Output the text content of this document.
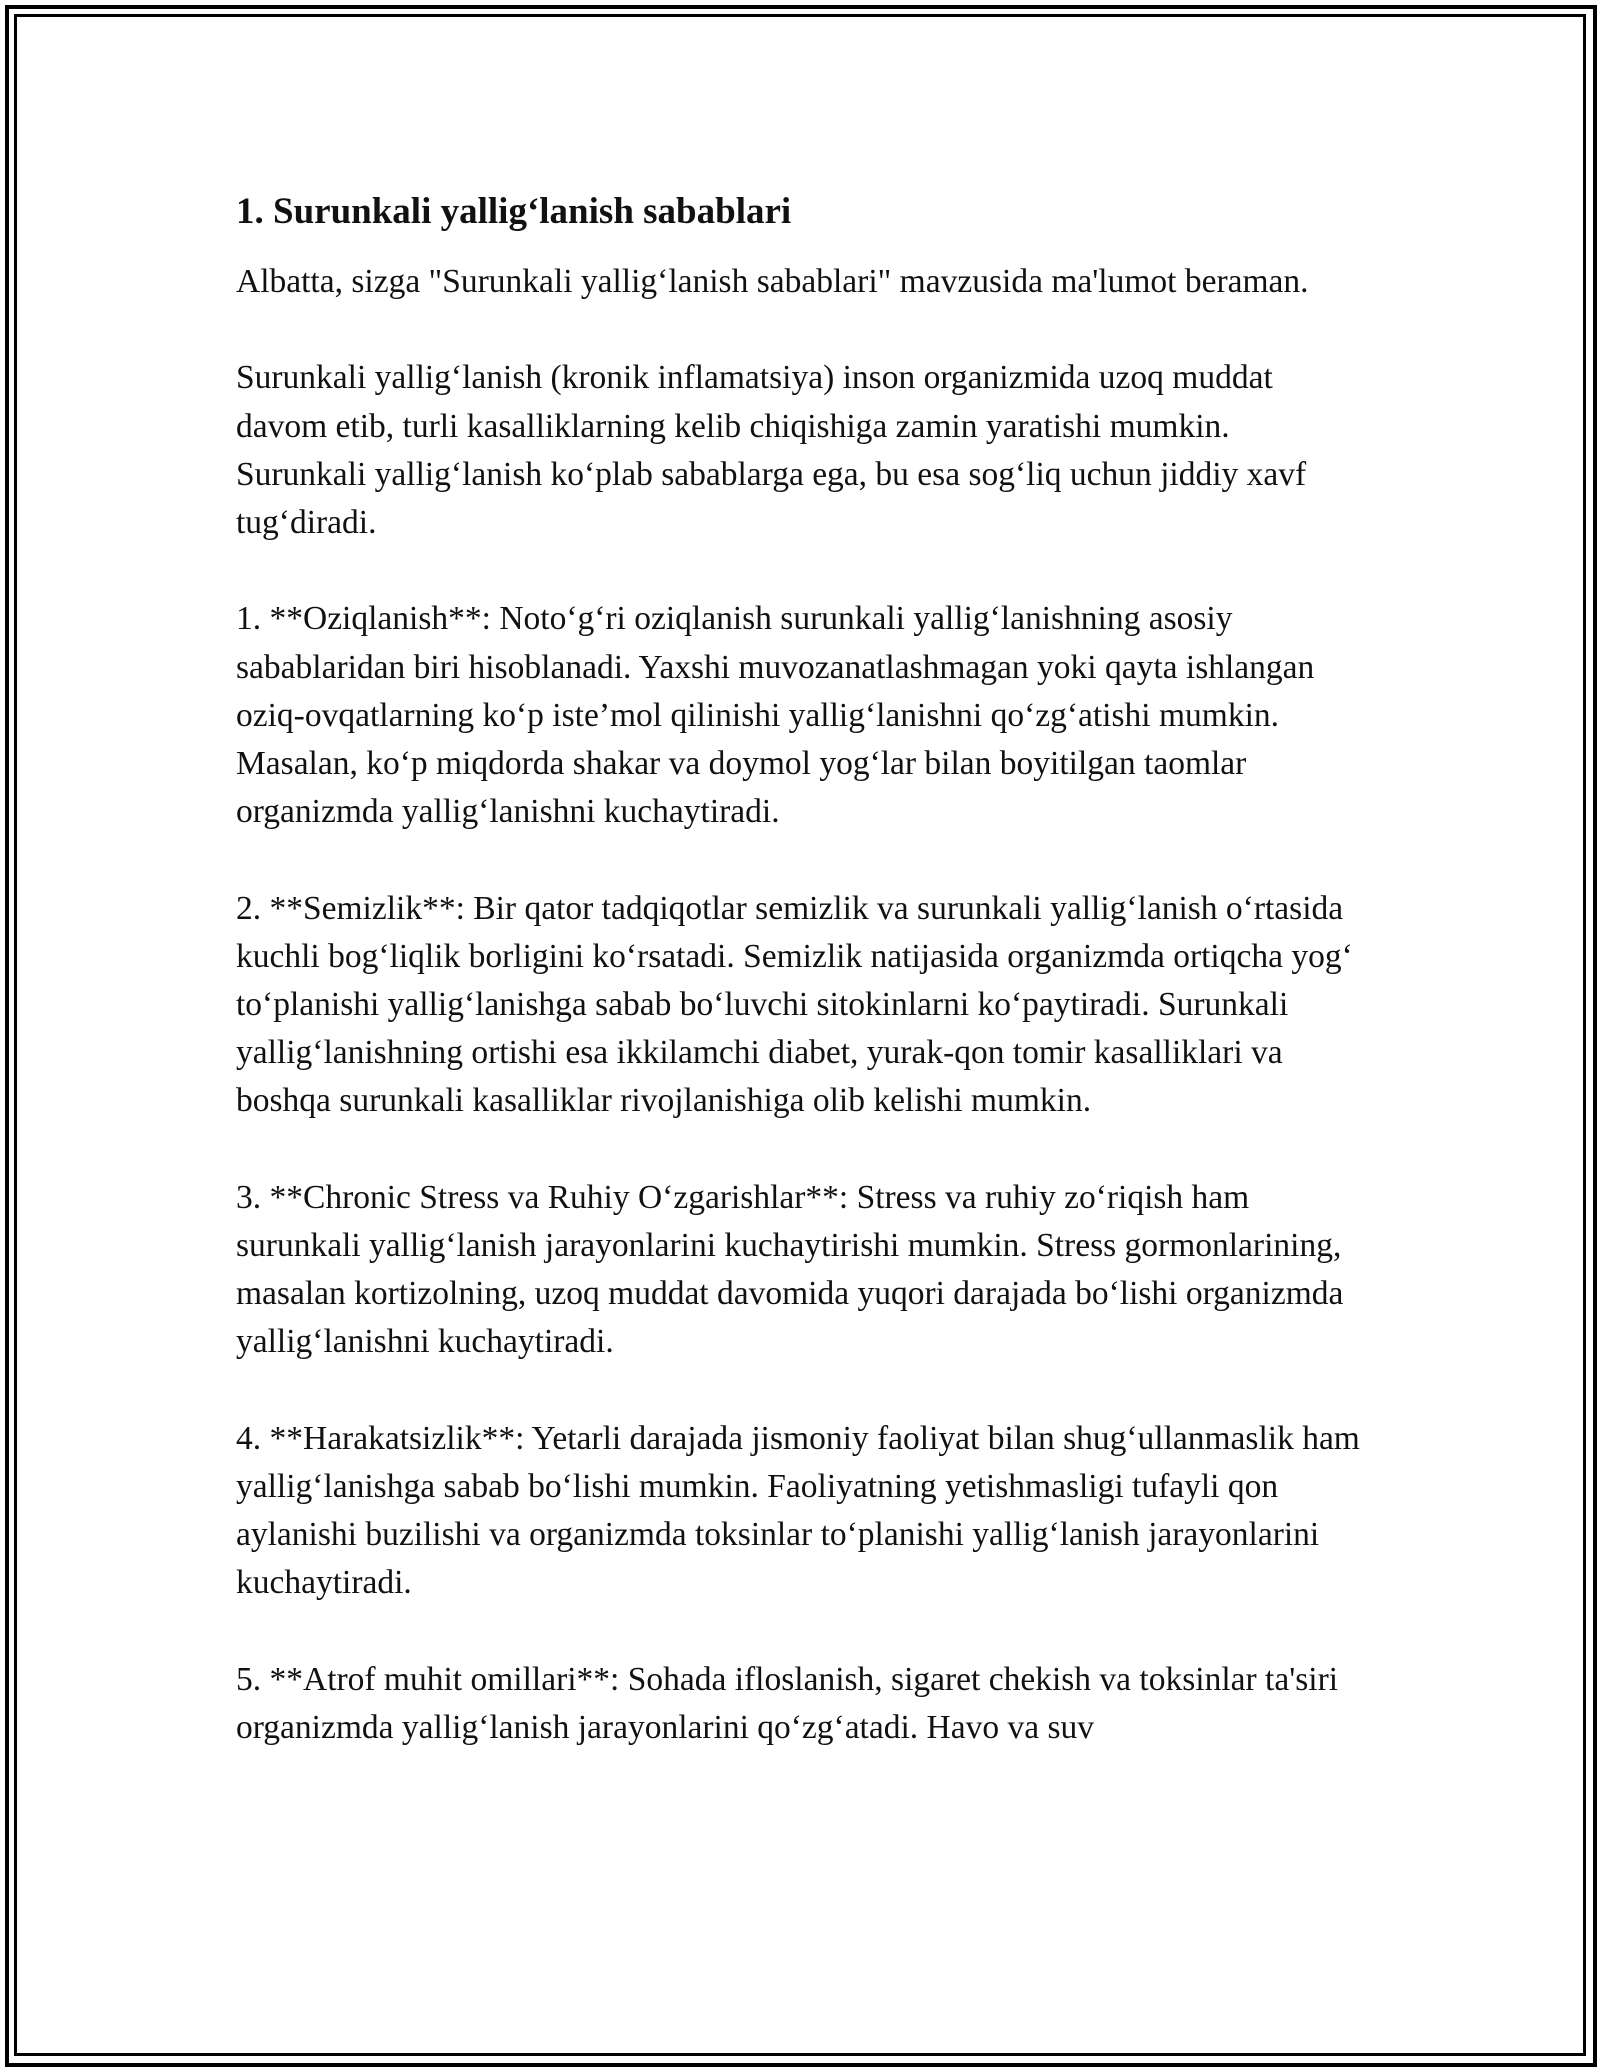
1. Surunkali yallig‘lanish sabablari

Albatta, sizga "Surunkali yallig‘lanish sabablari" mavzusida ma'lumot beraman.

Surunkali yallig‘lanish (kronik inflamatsiya) inson organizmida uzoq muddat davom etib, turli kasalliklarning kelib chiqishiga zamin yaratishi mumkin. Surunkali yallig‘lanish ko‘plab sabablarga ega, bu esa sog‘liq uchun jiddiy xavf tug‘diradi.

1. **Oziqlanish**: Noto‘g‘ri oziqlanish surunkali yallig‘lanishning asosiy sabablaridan biri hisoblanadi. Yaxshi muvozanatlashmagan yoki qayta ishlangan oziq-ovqatlarning ko‘p iste’mol qilinishi yallig‘lanishni qo‘zg‘atishi mumkin. Masalan, ko‘p miqdorda shakar va doymol yog‘lar bilan boyitilgan taomlar organizmda yallig‘lanishni kuchaytiradi.

2. **Semizlik**: Bir qator tadqiqotlar semizlik va surunkali yallig‘lanish o‘rtasida kuchli bog‘liqlik borligini ko‘rsatadi. Semizlik natijasida organizmda ortiqcha yog‘ to‘planishi yallig‘lanishga sabab bo‘luvchi sitokinlarni ko‘paytiradi. Surunkali yallig‘lanishning ortishi esa ikkilamchi diabet, yurak-qon tomir kasalliklari va boshqa surunkali kasalliklar rivojlanishiga olib kelishi mumkin.

3. **Chronic Stress va Ruhiy O‘zgarishlar**: Stress va ruhiy zo‘riqish ham surunkali yallig‘lanish jarayonlarini kuchaytirishi mumkin. Stress gormonlarining, masalan kortizolning, uzoq muddat davomida yuqori darajada bo‘lishi organizmda yallig‘lanishni kuchaytiradi.

4. **Harakatsizlik**: Yetarli darajada jismoniy faoliyat bilan shug‘ullanmaslik ham yallig‘lanishga sabab bo‘lishi mumkin. Faoliyatning yetishmasligi tufayli qon aylanishi buzilishi va organizmda toksinlar to‘planishi yallig‘lanish jarayonlarini kuchaytiradi.

5. **Atrof muhit omillari**: Sohada ifloslanish, sigaret chekish va toksinlar ta'siri organizmda yallig‘lanish jarayonlarini qo‘zg‘atadi. Havo va suv
